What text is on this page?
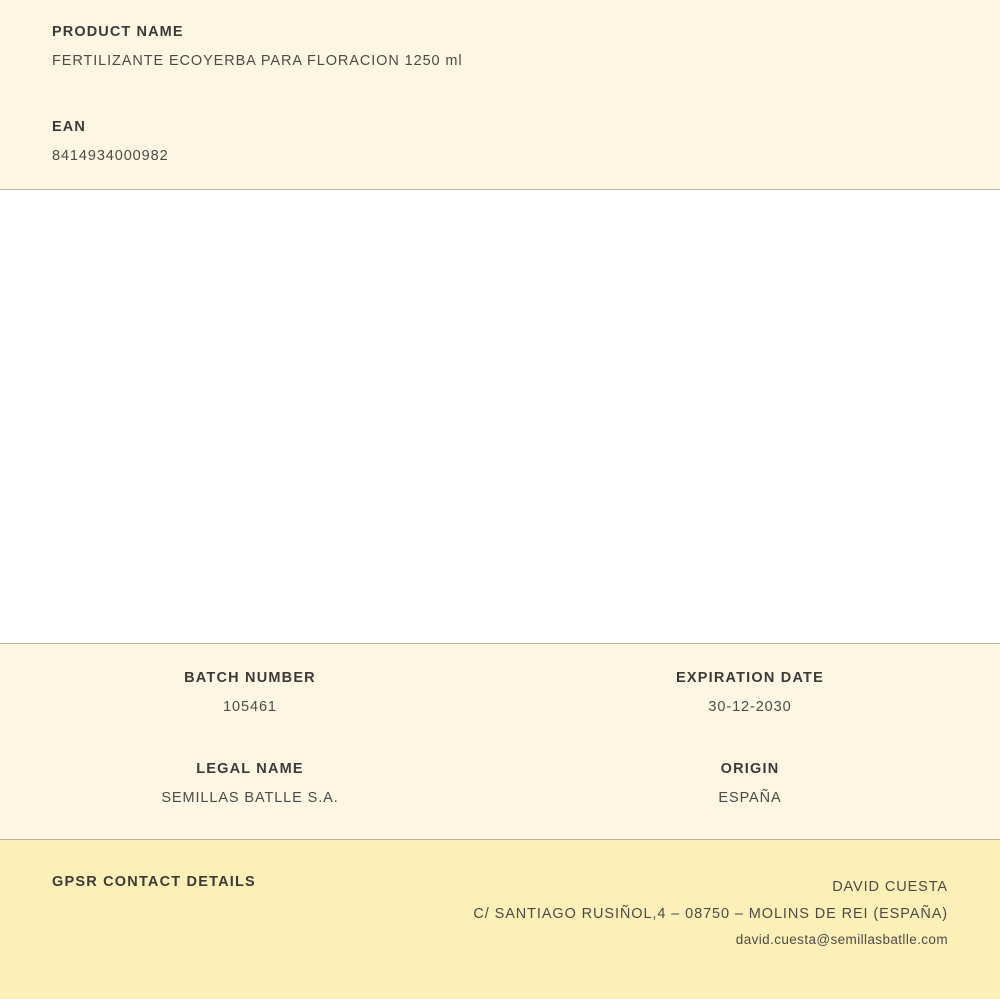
PRODUCT NAME

FERTILIZANTE ECOYERBA PARA FLORACION 1250 ml

EAN

8414934000982

BATCH NUMBER

105461

EXPIRATION DATE

30-12-2030

LEGAL NAME

SEMILLAS BATLLE S.A.

ORIGIN

ESPAÑA

GPSR CONTACT DETAILS	DAVID CUESTA
C/ SANTIAGO RUSIÑOL,4 – 08750 – MOLINS DE REI (ESPAÑA)
david.cuesta@semillasbatlle.com
